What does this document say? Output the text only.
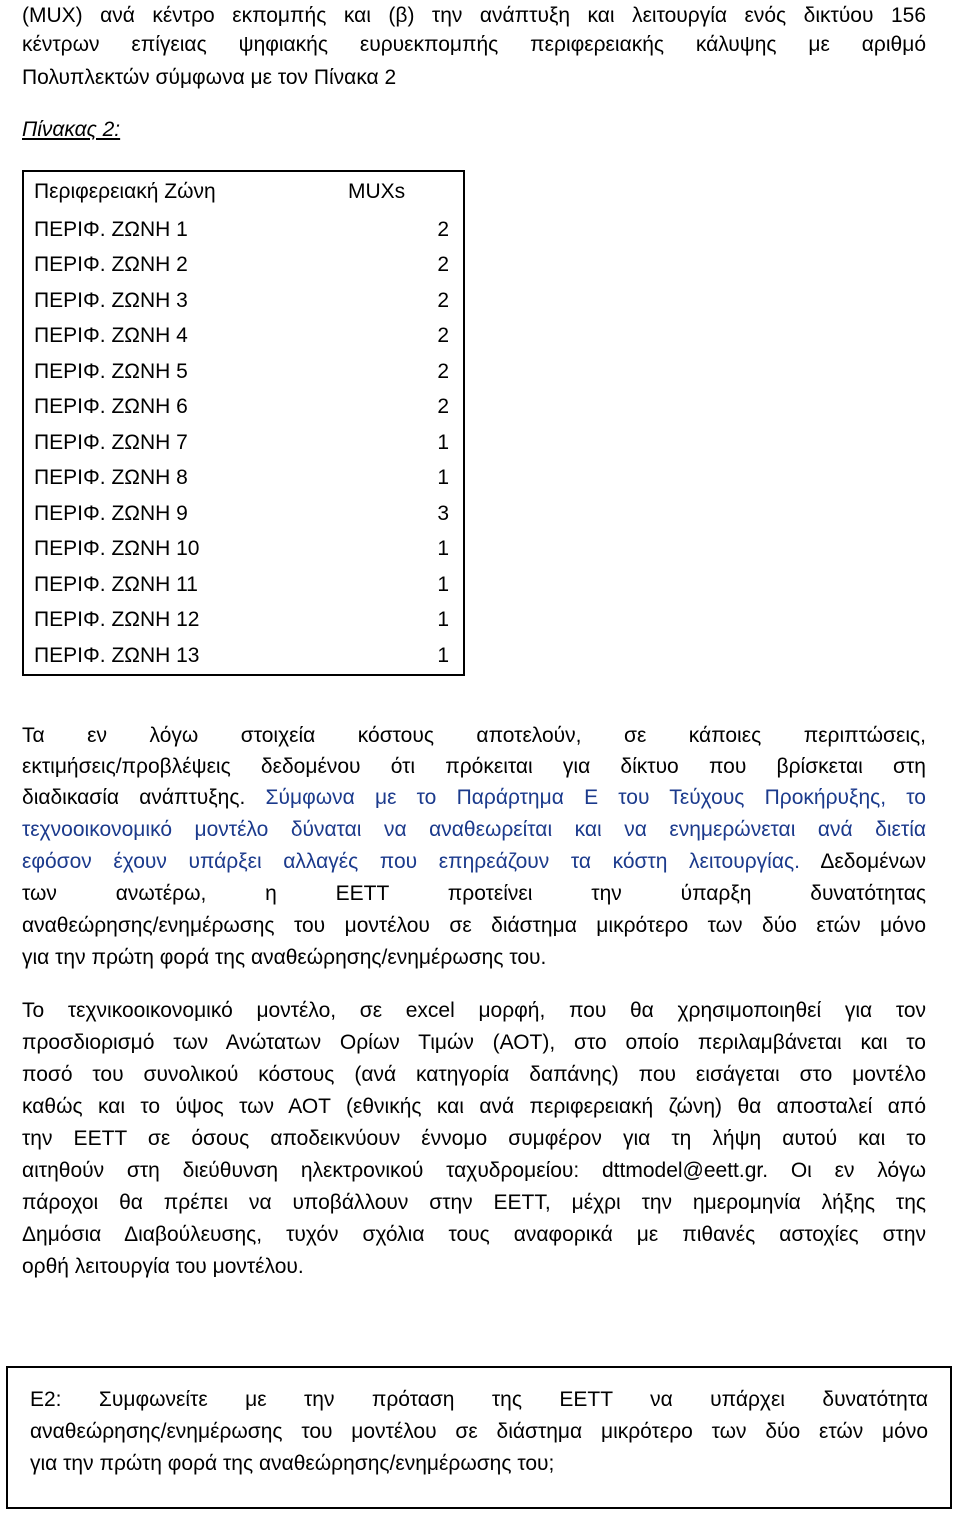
(MUX) ανά κέντρο εκπομπής και (β) την ανάπτυξη και λειτουργία ενός δικτύου 156
κέντρων επίγειας ψηφιακής ευρυεκπομπής περιφερειακής κάλυψης με αριθμό
Πολυπλεκτών σύμφωνα με τον Πίνακα 2
Πίνακας 2:
Περιφερειακή Ζώνη	MUXs
ΠΕΡΙΦ. ΖΩΝΗ 1	2
ΠΕΡΙΦ. ΖΩΝΗ 2	2
ΠΕΡΙΦ. ΖΩΝΗ 3	2
ΠΕΡΙΦ. ΖΩΝΗ 4	2
ΠΕΡΙΦ. ΖΩΝΗ 5	2
ΠΕΡΙΦ. ΖΩΝΗ 6	2
ΠΕΡΙΦ. ΖΩΝΗ 7	1
ΠΕΡΙΦ. ΖΩΝΗ 8	1
ΠΕΡΙΦ. ΖΩΝΗ 9	3
ΠΕΡΙΦ. ΖΩΝΗ 10	1
ΠΕΡΙΦ. ΖΩΝΗ 11	1
ΠΕΡΙΦ. ΖΩΝΗ 12	1
ΠΕΡΙΦ. ΖΩΝΗ 13	1
Τα εν λόγω στοιχεία κόστους αποτελούν, σε κάποιες περιπτώσεις,
εκτιμήσεις/προβλέψεις δεδομένου ότι πρόκειται για δίκτυο που βρίσκεται στη
διαδικασία ανάπτυξης. Σύμφωνα με το Παράρτημα Ε του Τεύχους Προκήρυξης, το
τεχνοοικονομικό μοντέλο δύναται να αναθεωρείται και να ενημερώνεται ανά διετία
εφόσον έχουν υπάρξει αλλαγές που επηρεάζουν τα κόστη λειτουργίας. Δεδομένων
των ανωτέρω, η ΕΕΤΤ προτείνει την ύπαρξη δυνατότητας
αναθεώρησης/ενημέρωσης του μοντέλου σε διάστημα μικρότερο των δύο ετών μόνο
για την πρώτη φορά της αναθεώρησης/ενημέρωσης του.
Το τεχνικοοικονομικό μοντέλο, σε excel μορφή, που θα χρησιμοποιηθεί για τον
προσδιορισμό των Ανώτατων Ορίων Τιμών (ΑΟΤ), στο οποίο περιλαμβάνεται και το
ποσό του συνολικού κόστους (ανά κατηγορία δαπάνης) που εισάγεται στο μοντέλο
καθώς και το ύψος των ΑΟΤ (εθνικής και ανά περιφερειακή ζώνη) θα αποσταλεί από
την ΕΕΤΤ σε όσους αποδεικνύουν έννομο συμφέρον για τη λήψη αυτού και το
αιτηθούν στη διεύθυνση ηλεκτρονικού ταχυδρομείου: dttmodel@eett.gr. Οι εν λόγω
πάροχοι θα πρέπει να υποβάλλουν στην ΕΕΤΤ, μέχρι την ημερομηνία λήξης της
Δημόσια Διαβούλευσης, τυχόν σχόλια τους αναφορικά με πιθανές αστοχίες στην
ορθή λειτουργία του μοντέλου.
Ε2: Συμφωνείτε με την πρόταση της ΕΕΤΤ να υπάρχει δυνατότητα
αναθεώρησης/ενημέρωσης του μοντέλου σε διάστημα μικρότερο των δύο ετών μόνο
για την πρώτη φορά της αναθεώρησης/ενημέρωσης του;
